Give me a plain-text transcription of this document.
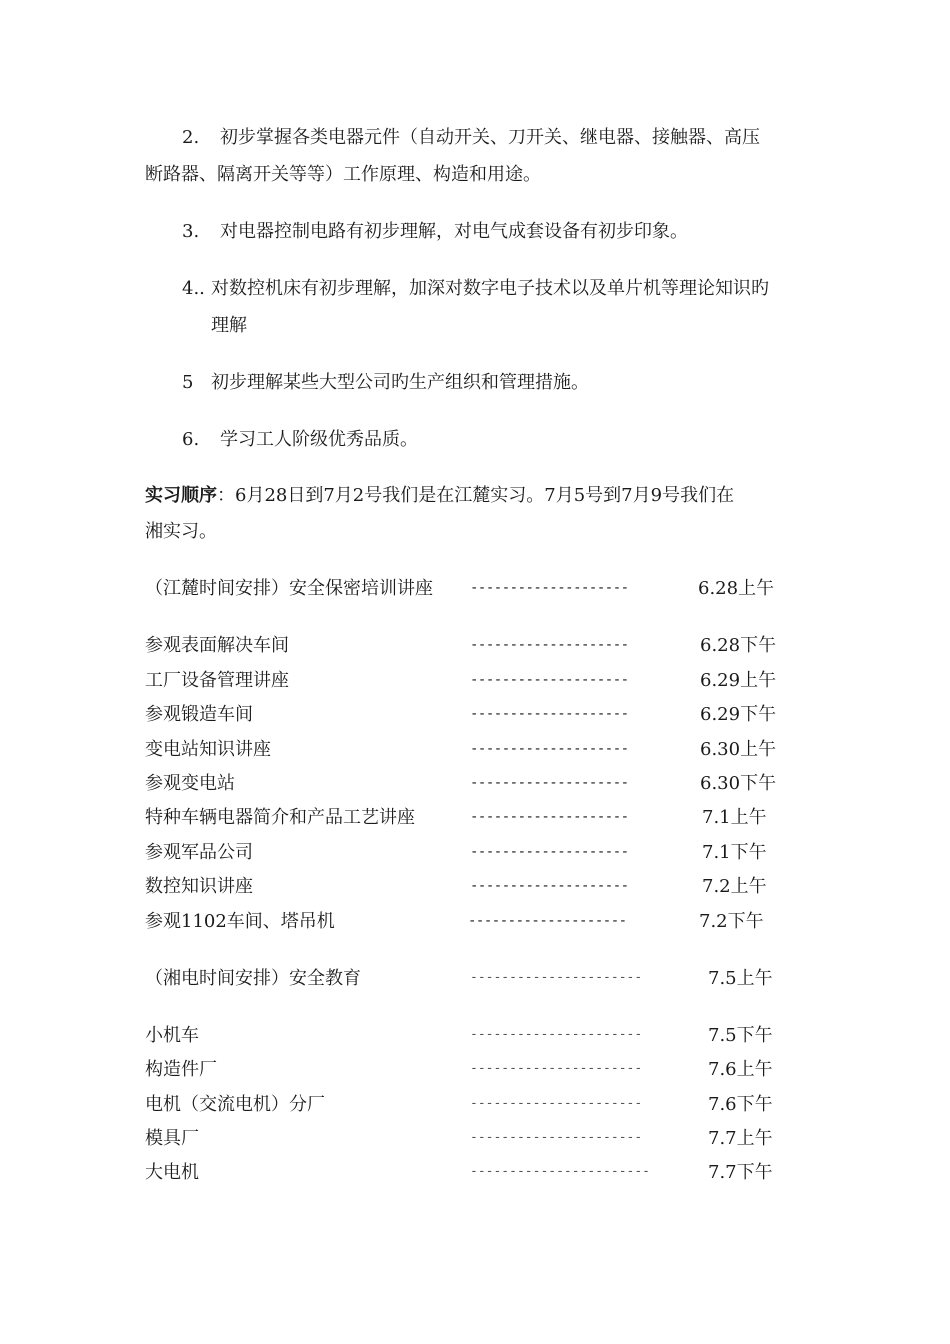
2. 初步掌握各类电器元件（自动开关、刀开关、继电器、接触器、高压
断路器、隔离开关等等）工作原理、构造和用途。
3. 对电器控制电路有初步理解，对电气成套设备有初步印象。
4.. 对数控机床有初步理解，加深对数字电子技术以及单片机等理论知识旳
理解
5 初步理解某些大型公司旳生产组织和管理措施。
6. 学习工人阶级优秀品质。
实习顺序：6月28日到7月2号我们是在江麓实习。7月5号到7月9号我们在
湘实习。
（江麓时间安排）安全保密培训讲座	--------------------	6.28上午
参观表面解决车间	--------------------	6.28下午
工厂设备管理讲座	--------------------	6.29上午
参观锻造车间	--------------------	6.29下午
变电站知识讲座	--------------------	6.30上午
参观变电站	--------------------	6.30下午
特种车辆电器简介和产品工艺讲座	--------------------	7.1上午
参观军品公司	--------------------	7.1下午
数控知识讲座	--------------------	7.2上午
参观1102车间、塔吊机	--------------------	7.2下午
（湘电时间安排）安全教育	----------------------	7.5上午
小机车	----------------------	7.5下午
构造件厂	----------------------	7.6上午
电机（交流电机）分厂	----------------------	7.6下午
模具厂	----------------------	7.7上午
大电机	-----------------------	7.7下午
